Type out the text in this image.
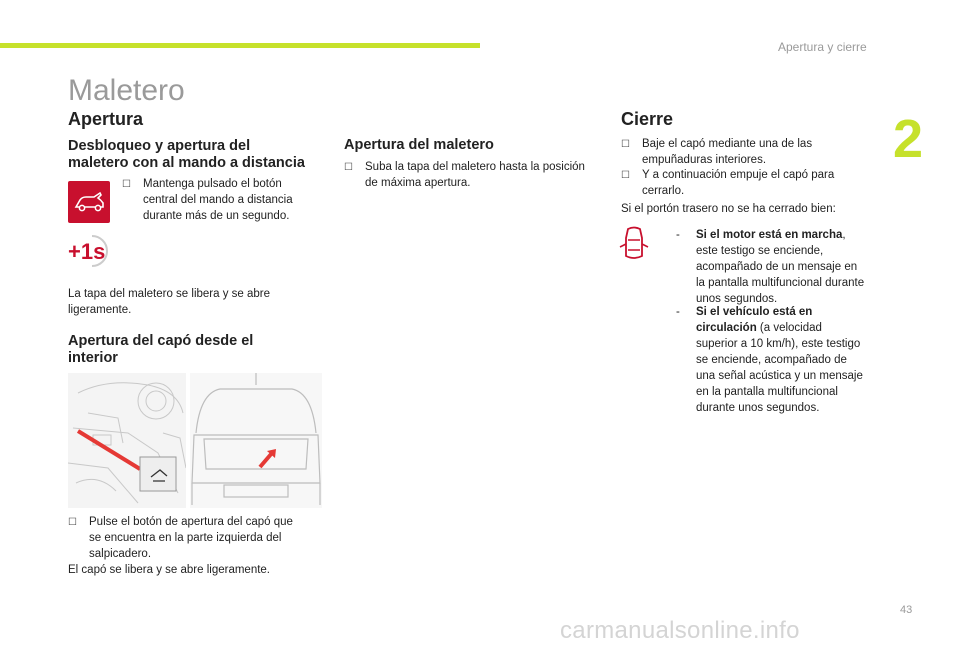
Apertura y cierre
2
Maletero
Apertura
Desbloqueo y apertura del
maletero con al mando a distancia
☐ Mantenga pulsado el botón
central del mando a distancia
durante más de un segundo.
+1s
La tapa del maletero se libera y se abre
ligeramente.
Apertura del capó desde el
interior
☐ Pulse el botón de apertura del capó que
se encuentra en la parte izquierda del
salpicadero.
El capó se libera y se abre ligeramente.
Apertura del maletero
☐ Suba la tapa del maletero hasta la posición
de máxima apertura.
Cierre
☐ Baje el capó mediante una de las
empuñaduras interiores.
☐ Y a continuación empuje el capó para
cerrarlo.
Si el portón trasero no se ha cerrado bien:
- Si el motor está en marcha,
este testigo se enciende,
acompañado de un mensaje en
la pantalla multifuncional durante
unos segundos.
- Si el vehículo está en
circulación (a velocidad
superior a 10 km/h), este testigo
se enciende, acompañado de
una señal acústica y un mensaje
en la pantalla multifuncional
durante unos segundos.
43
carmanualsonline.info
